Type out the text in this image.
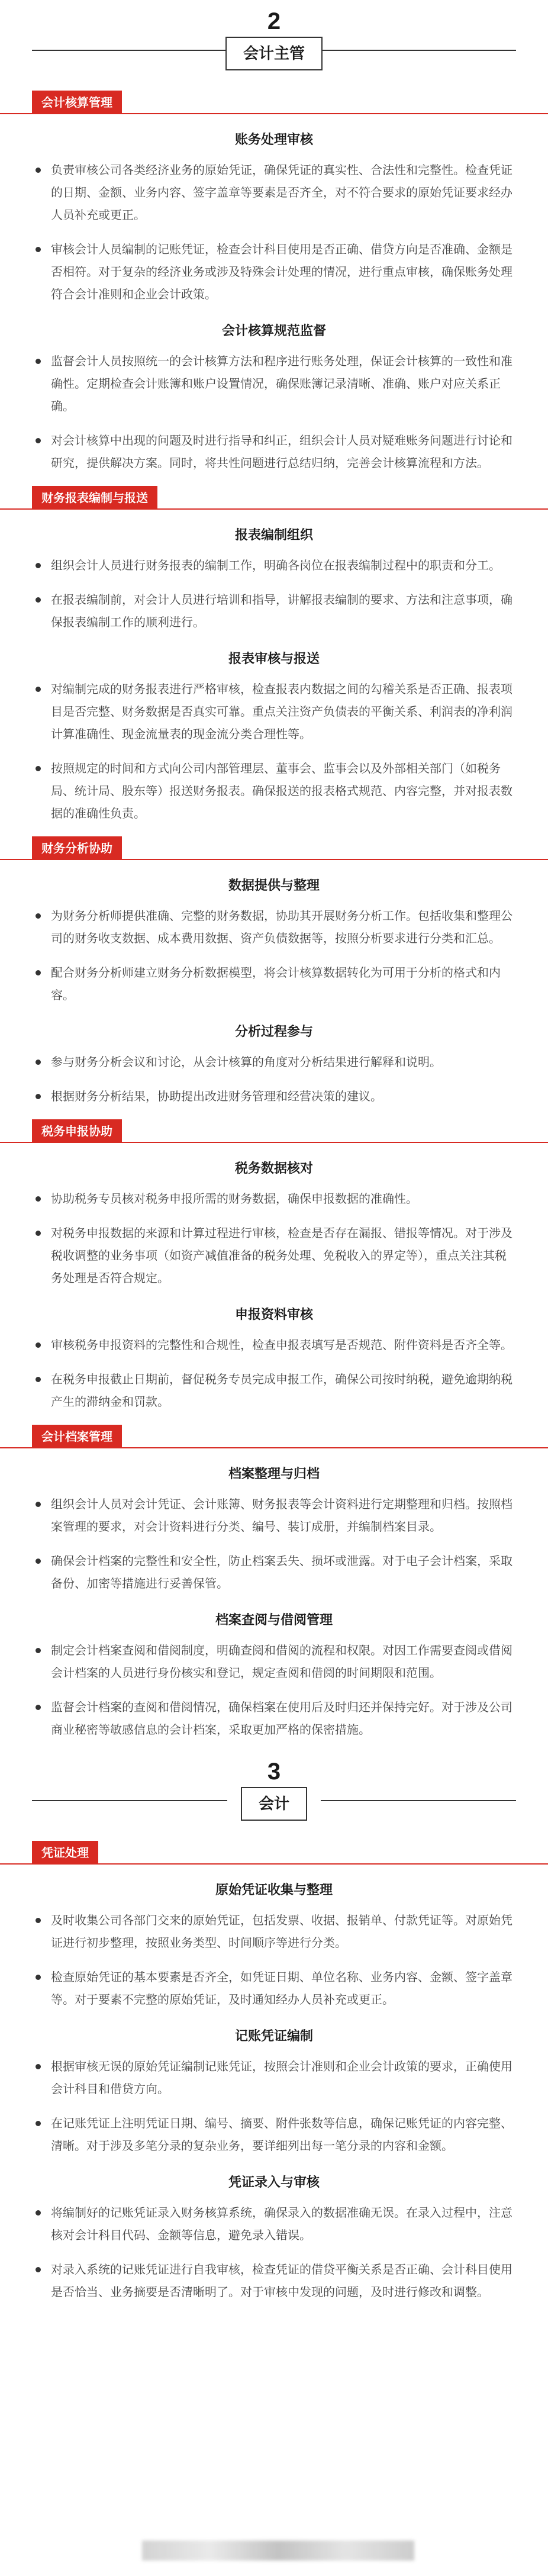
2
会计主管
会计核算管理
账务处理审核
负责审核公司各类经济业务的原始凭证，确保凭证的真实性、合法性和完整性。检查凭证的日期、金额、业务内容、签字盖章等要素是否齐全，对不符合要求的原始凭证要求经办人员补充或更正。
审核会计人员编制的记账凭证，检查会计科目使用是否正确、借贷方向是否准确、金额是否相符。对于复杂的经济业务或涉及特殊会计处理的情况，进行重点审核，确保账务处理符合会计准则和企业会计政策。
会计核算规范监督
监督会计人员按照统一的会计核算方法和程序进行账务处理，保证会计核算的一致性和准确性。定期检查会计账簿和账户设置情况，确保账簿记录清晰、准确、账户对应关系正确。
对会计核算中出现的问题及时进行指导和纠正，组织会计人员对疑难账务问题进行讨论和研究，提供解决方案。同时，将共性问题进行总结归纳，完善会计核算流程和方法。
财务报表编制与报送
报表编制组织
组织会计人员进行财务报表的编制工作，明确各岗位在报表编制过程中的职责和分工。
在报表编制前，对会计人员进行培训和指导，讲解报表编制的要求、方法和注意事项，确保报表编制工作的顺利进行。
报表审核与报送
对编制完成的财务报表进行严格审核，检查报表内数据之间的勾稽关系是否正确、报表项目是否完整、财务数据是否真实可靠。重点关注资产负债表的平衡关系、利润表的净利润计算准确性、现金流量表的现金流分类合理性等。
按照规定的时间和方式向公司内部管理层、董事会、监事会以及外部相关部门（如税务局、统计局、股东等）报送财务报表。确保报送的报表格式规范、内容完整，并对报表数据的准确性负责。
财务分析协助
数据提供与整理
为财务分析师提供准确、完整的财务数据，协助其开展财务分析工作。包括收集和整理公司的财务收支数据、成本费用数据、资产负债数据等，按照分析要求进行分类和汇总。
配合财务分析师建立财务分析数据模型，将会计核算数据转化为可用于分析的格式和内容。
分析过程参与
参与财务分析会议和讨论，从会计核算的角度对分析结果进行解释和说明。
根据财务分析结果，协助提出改进财务管理和经营决策的建议。
税务申报协助
税务数据核对
协助税务专员核对税务申报所需的财务数据，确保申报数据的准确性。
对税务申报数据的来源和计算过程进行审核，检查是否存在漏报、错报等情况。对于涉及税收调整的业务事项（如资产减值准备的税务处理、免税收入的界定等），重点关注其税务处理是否符合规定。
申报资料审核
审核税务申报资料的完整性和合规性，检查申报表填写是否规范、附件资料是否齐全等。
在税务申报截止日期前，督促税务专员完成申报工作，确保公司按时纳税，避免逾期纳税产生的滞纳金和罚款。
会计档案管理
档案整理与归档
组织会计人员对会计凭证、会计账簿、财务报表等会计资料进行定期整理和归档。按照档案管理的要求，对会计资料进行分类、编号、装订成册，并编制档案目录。
确保会计档案的完整性和安全性，防止档案丢失、损坏或泄露。对于电子会计档案，采取备份、加密等措施进行妥善保管。
档案查阅与借阅管理
制定会计档案查阅和借阅制度，明确查阅和借阅的流程和权限。对因工作需要查阅或借阅会计档案的人员进行身份核实和登记，规定查阅和借阅的时间期限和范围。
监督会计档案的查阅和借阅情况，确保档案在使用后及时归还并保持完好。对于涉及公司商业秘密等敏感信息的会计档案，采取更加严格的保密措施。
3
会计
凭证处理
原始凭证收集与整理
及时收集公司各部门交来的原始凭证，包括发票、收据、报销单、付款凭证等。对原始凭证进行初步整理，按照业务类型、时间顺序等进行分类。
检查原始凭证的基本要素是否齐全，如凭证日期、单位名称、业务内容、金额、签字盖章等。对于要素不完整的原始凭证，及时通知经办人员补充或更正。
记账凭证编制
根据审核无误的原始凭证编制记账凭证，按照会计准则和企业会计政策的要求，正确使用会计科目和借贷方向。
在记账凭证上注明凭证日期、编号、摘要、附件张数等信息，确保记账凭证的内容完整、清晰。对于涉及多笔分录的复杂业务，要详细列出每一笔分录的内容和金额。
凭证录入与审核
将编制好的记账凭证录入财务核算系统，确保录入的数据准确无误。在录入过程中，注意核对会计科目代码、金额等信息，避免录入错误。
对录入系统的记账凭证进行自我审核，检查凭证的借贷平衡关系是否正确、会计科目使用是否恰当、业务摘要是否清晰明了。对于审核中发现的问题，及时进行修改和调整。
